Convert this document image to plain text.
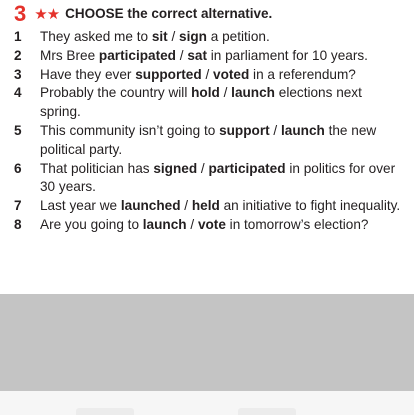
3 ★★ CHOOSE the correct alternative.
1	They asked me to sit / sign a petition.
2	Mrs Bree participated / sat in parliament for 10 years.
3	Have they ever supported / voted in a referendum?
4	Probably the country will hold / launch elections next spring.
5	This community isn’t going to support / launch the new political party.
6	That politician has signed / participated in politics for over 30 years.
7	Last year we launched / held an initiative to fight inequality.
8	Are you going to launch / vote in tomorrow’s election?
